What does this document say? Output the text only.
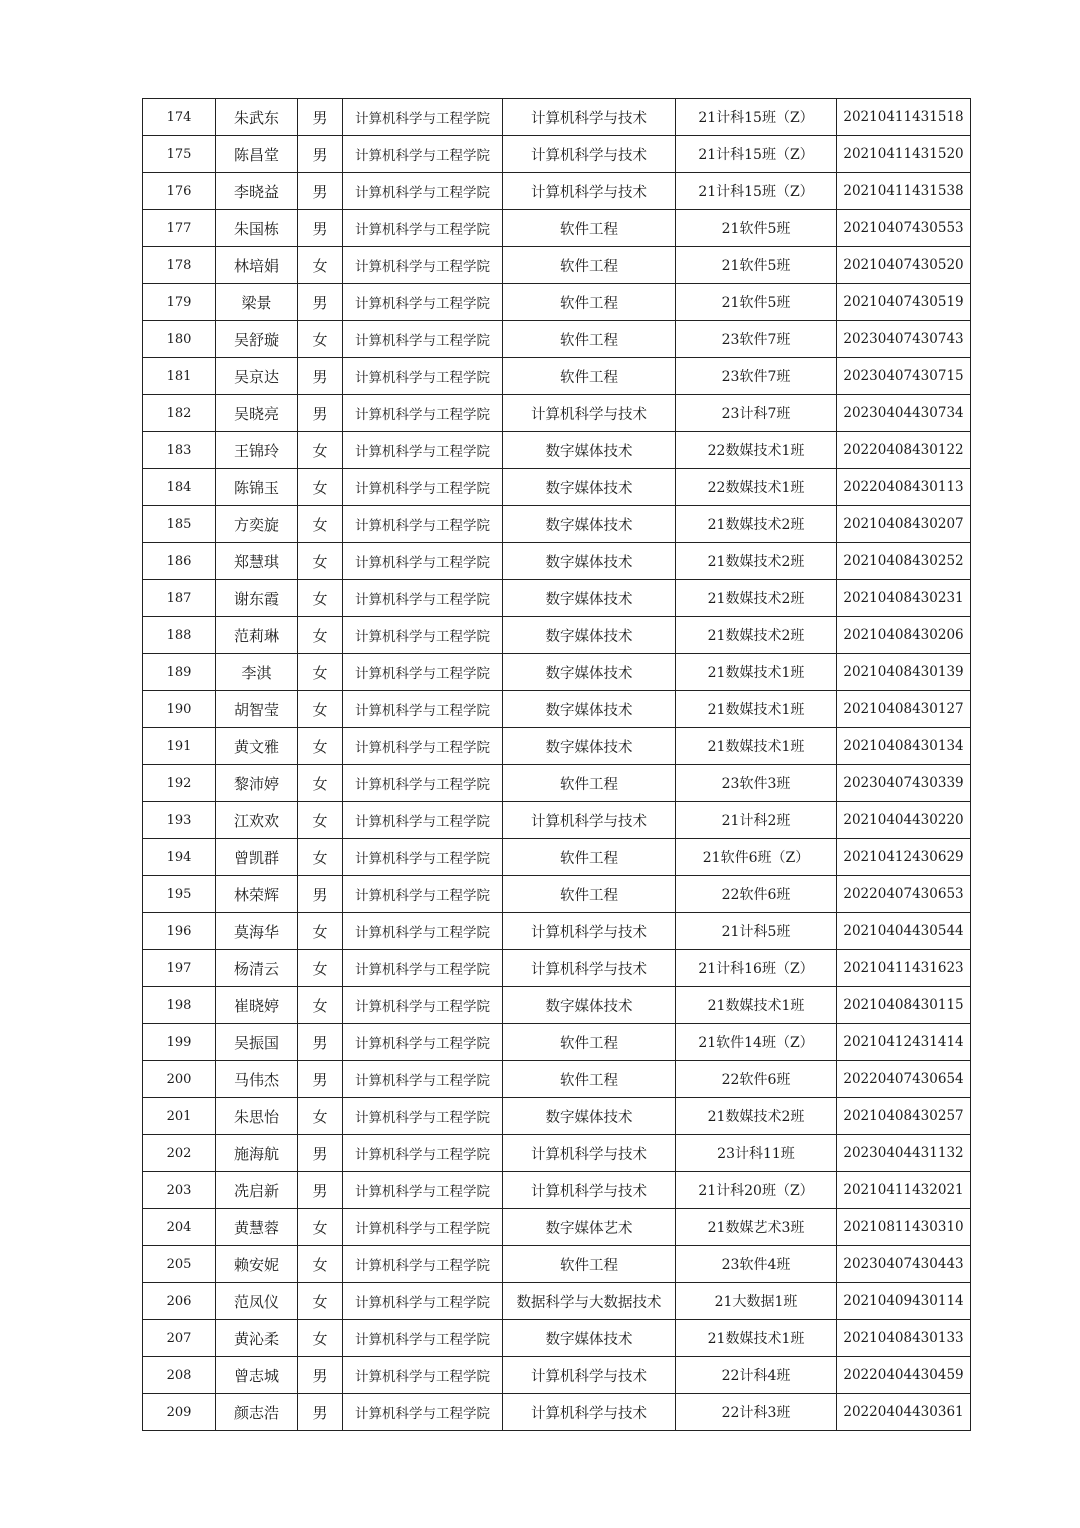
174	朱武东	男	计算机科学与工程学院	计算机科学与技术	21计科15班（Z）	20210411431518
175	陈昌堂	男	计算机科学与工程学院	计算机科学与技术	21计科15班（Z）	20210411431520
176	李晓益	男	计算机科学与工程学院	计算机科学与技术	21计科15班（Z）	20210411431538
177	朱国栋	男	计算机科学与工程学院	软件工程	21软件5班	20210407430553
178	林培娟	女	计算机科学与工程学院	软件工程	21软件5班	20210407430520
179	梁景	男	计算机科学与工程学院	软件工程	21软件5班	20210407430519
180	吴舒璇	女	计算机科学与工程学院	软件工程	23软件7班	20230407430743
181	吴京达	男	计算机科学与工程学院	软件工程	23软件7班	20230407430715
182	吴晓亮	男	计算机科学与工程学院	计算机科学与技术	23计科7班	20230404430734
183	王锦玲	女	计算机科学与工程学院	数字媒体技术	22数媒技术1班	20220408430122
184	陈锦玉	女	计算机科学与工程学院	数字媒体技术	22数媒技术1班	20220408430113
185	方奕旋	女	计算机科学与工程学院	数字媒体技术	21数媒技术2班	20210408430207
186	郑慧琪	女	计算机科学与工程学院	数字媒体技术	21数媒技术2班	20210408430252
187	谢东霞	女	计算机科学与工程学院	数字媒体技术	21数媒技术2班	20210408430231
188	范莉琳	女	计算机科学与工程学院	数字媒体技术	21数媒技术2班	20210408430206
189	李淇	女	计算机科学与工程学院	数字媒体技术	21数媒技术1班	20210408430139
190	胡智莹	女	计算机科学与工程学院	数字媒体技术	21数媒技术1班	20210408430127
191	黄文雅	女	计算机科学与工程学院	数字媒体技术	21数媒技术1班	20210408430134
192	黎沛婷	女	计算机科学与工程学院	软件工程	23软件3班	20230407430339
193	江欢欢	女	计算机科学与工程学院	计算机科学与技术	21计科2班	20210404430220
194	曾凯群	女	计算机科学与工程学院	软件工程	21软件6班（Z）	20210412430629
195	林荣辉	男	计算机科学与工程学院	软件工程	22软件6班	20220407430653
196	莫海华	女	计算机科学与工程学院	计算机科学与技术	21计科5班	20210404430544
197	杨清云	女	计算机科学与工程学院	计算机科学与技术	21计科16班（Z）	20210411431623
198	崔晓婷	女	计算机科学与工程学院	数字媒体技术	21数媒技术1班	20210408430115
199	吴振国	男	计算机科学与工程学院	软件工程	21软件14班（Z）	20210412431414
200	马伟杰	男	计算机科学与工程学院	软件工程	22软件6班	20220407430654
201	朱思怡	女	计算机科学与工程学院	数字媒体技术	21数媒技术2班	20210408430257
202	施海航	男	计算机科学与工程学院	计算机科学与技术	23计科11班	20230404431132
203	冼启新	男	计算机科学与工程学院	计算机科学与技术	21计科20班（Z）	20210411432021
204	黄慧蓉	女	计算机科学与工程学院	数字媒体艺术	21数媒艺术3班	20210811430310
205	赖安妮	女	计算机科学与工程学院	软件工程	23软件4班	20230407430443
206	范凤仪	女	计算机科学与工程学院	数据科学与大数据技术	21大数据1班	20210409430114
207	黄沁柔	女	计算机科学与工程学院	数字媒体技术	21数媒技术1班	20210408430133
208	曾志城	男	计算机科学与工程学院	计算机科学与技术	22计科4班	20220404430459
209	颜志浩	男	计算机科学与工程学院	计算机科学与技术	22计科3班	20220404430361
